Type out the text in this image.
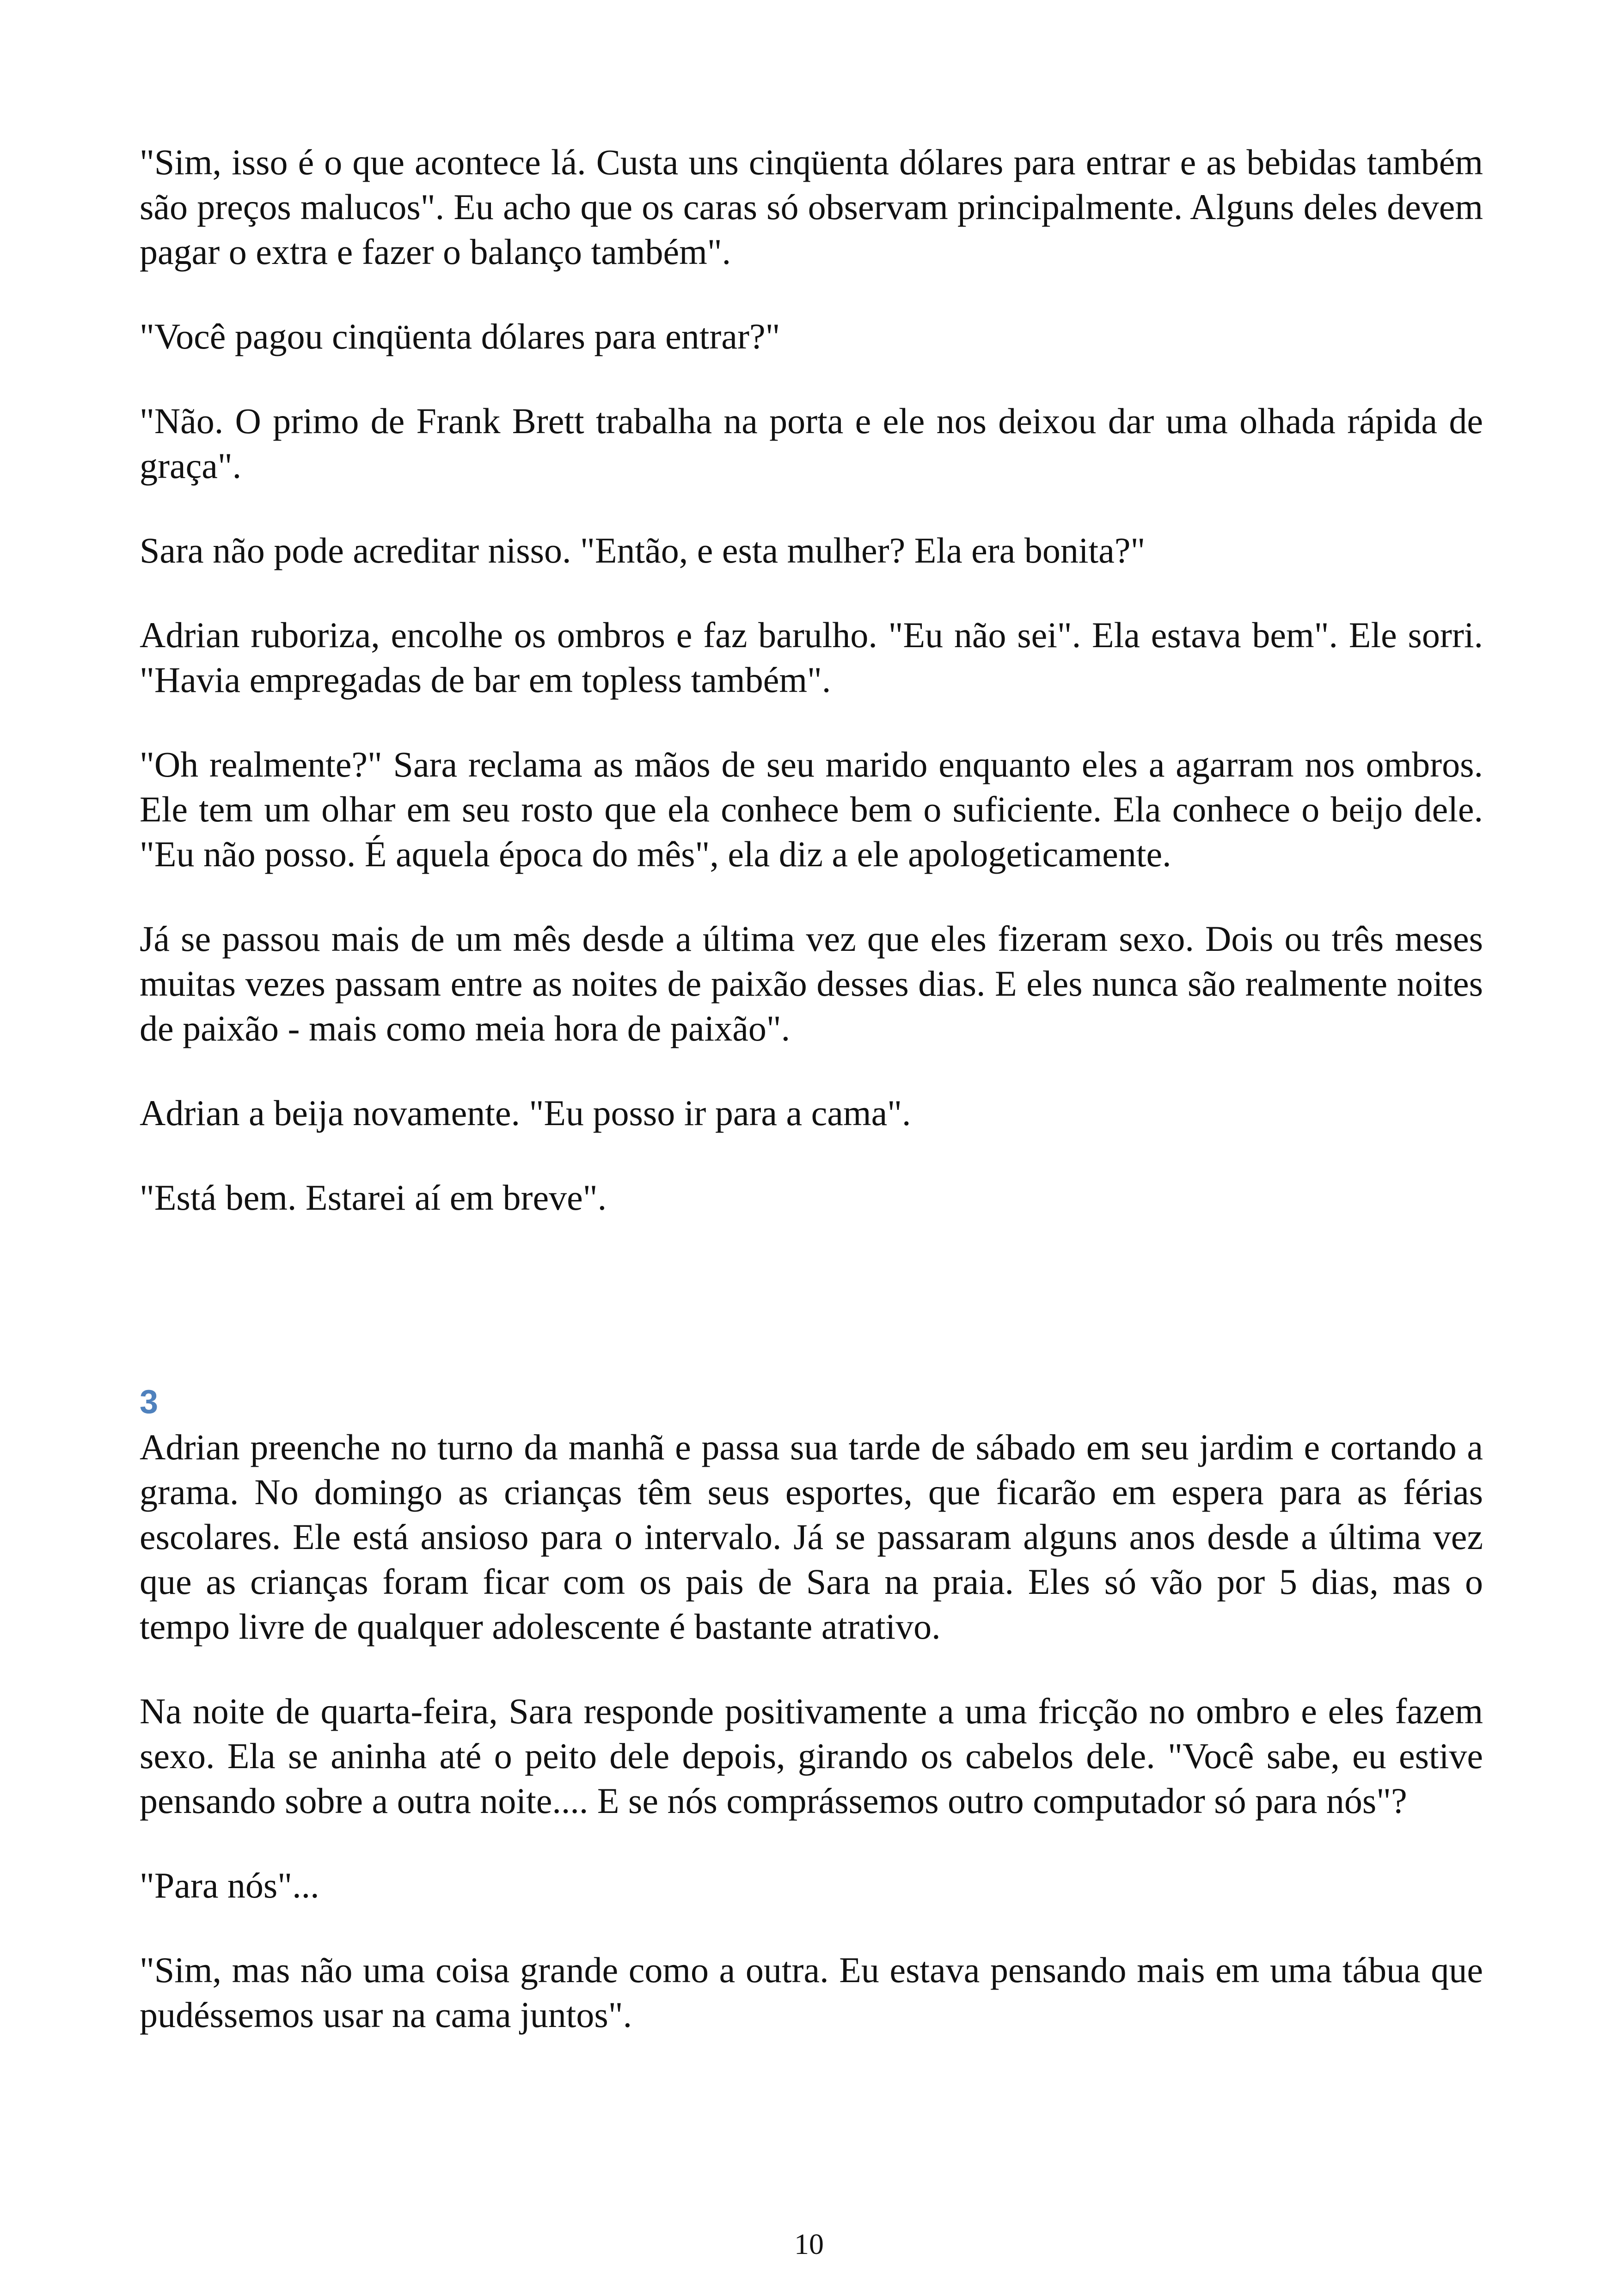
"Sim, isso é o que acontece lá. Custa uns cinqüenta dólares para entrar e as bebidas também são preços malucos". Eu acho que os caras só observam principalmente. Alguns deles devem pagar o extra e fazer o balanço também".

"Você pagou cinqüenta dólares para entrar?"

"Não. O primo de Frank Brett trabalha na porta e ele nos deixou dar uma olhada rápida de graça".

Sara não pode acreditar nisso. "Então, e esta mulher? Ela era bonita?"

Adrian ruboriza, encolhe os ombros e faz barulho. "Eu não sei". Ela estava bem". Ele sorri. "Havia empregadas de bar em topless também".

"Oh realmente?" Sara reclama as mãos de seu marido enquanto eles a agarram nos ombros. Ele tem um olhar em seu rosto que ela conhece bem o suficiente. Ela conhece o beijo dele. "Eu não posso. É aquela época do mês", ela diz a ele apologeticamente.

Já se passou mais de um mês desde a última vez que eles fizeram sexo. Dois ou três meses muitas vezes passam entre as noites de paixão desses dias. E eles nunca são realmente noites de paixão - mais como meia hora de paixão".

Adrian a beija novamente. "Eu posso ir para a cama".

"Está bem. Estarei aí em breve".

3

Adrian preenche no turno da manhã e passa sua tarde de sábado em seu jardim e cortando a grama. No domingo as crianças têm seus esportes, que ficarão em espera para as férias escolares. Ele está ansioso para o intervalo. Já se passaram alguns anos desde a última vez que as crianças foram ficar com os pais de Sara na praia. Eles só vão por 5 dias, mas o tempo livre de qualquer adolescente é bastante atrativo.

Na noite de quarta-feira, Sara responde positivamente a uma fricção no ombro e eles fazem sexo. Ela se aninha até o peito dele depois, girando os cabelos dele. "Você sabe, eu estive pensando sobre a outra noite.... E se nós comprássemos outro computador só para nós"?

"Para nós"...

"Sim, mas não uma coisa grande como a outra. Eu estava pensando mais em uma tábua que pudéssemos usar na cama juntos".

10
